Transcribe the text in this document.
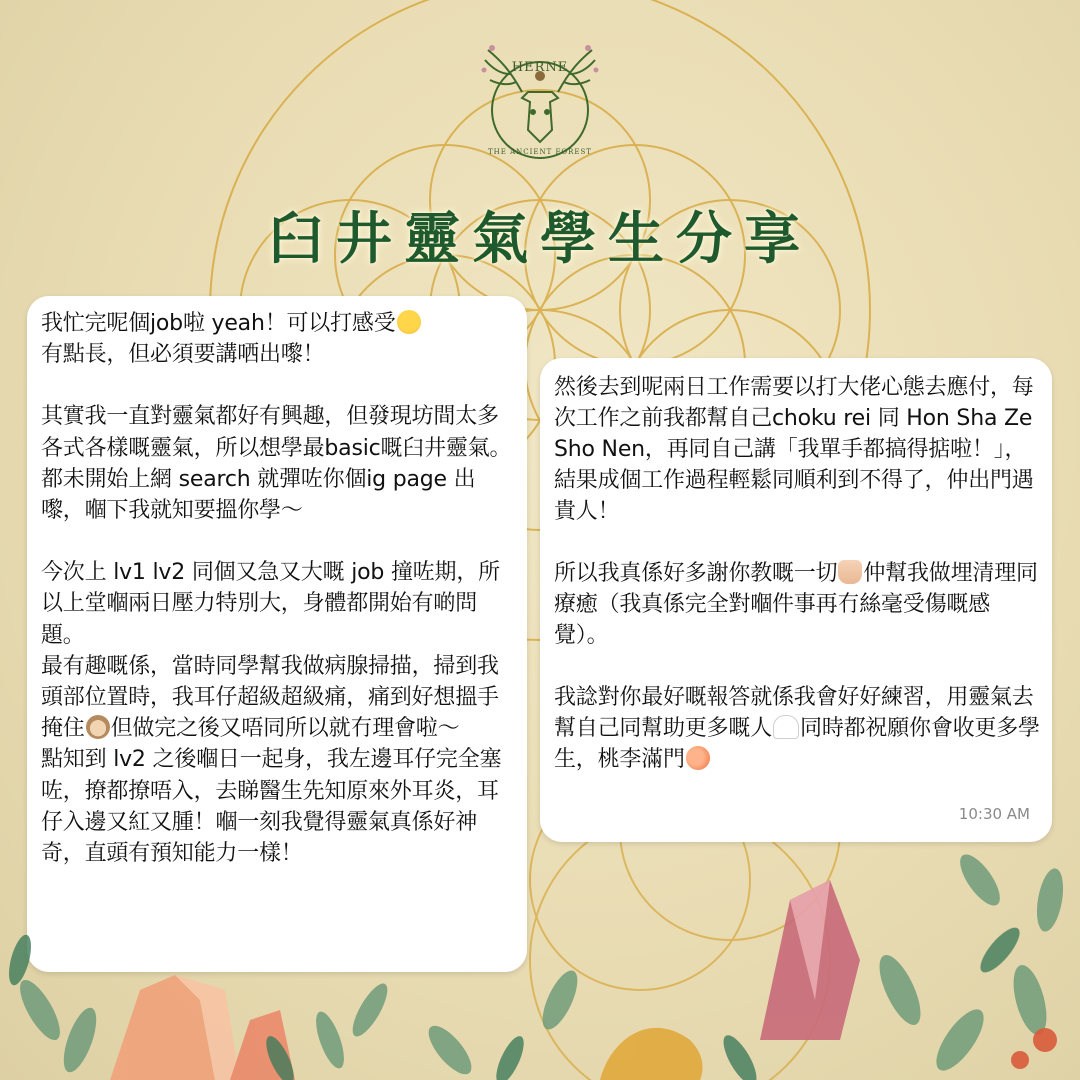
HERNE
THE ANCIENT FOREST
臼井靈氣學生分享

我忙完呢個job啦 yeah！可以打感受

有點長，但必須要講哂出嚟！

其實我一直對靈氣都好有興趣，但發現坊間太多各式各樣嘅靈氣，所以想學最basic嘅臼井靈氣。都未開始上網 search 就彈咗你個ig page 出嚟，嗰下我就知要搵你學～

今次上 lv1 lv2 同個又急又大嘅 job 撞咗期，所以上堂嗰兩日壓力特別大，身體都開始有啲問題。

最有趣嘅係，當時同學幫我做病腺掃描，掃到我頭部位置時，我耳仔超級超級痛，痛到好想搵手掩住 但做完之後又唔同所以就冇理會啦～

點知到 lv2 之後嗰日一起身，我左邊耳仔完全塞咗，撩都撩唔入，去睇醫生先知原來外耳炎，耳仔入邊又紅又腫！嗰一刻我覺得靈氣真係好神奇，直頭有預知能力一樣！

然後去到呢兩日工作需要以打大佬心態去應付，每次工作之前我都幫自己choku rei 同 Hon Sha Ze Sho Nen，再同自己講「我單手都搞得掂啦！」，結果成個工作過程輕鬆同順利到不得了，仲出門遇貴人！

所以我真係好多謝你教嘅一切 仲幫我做埋清理同療癒（我真係完全對嗰件事再冇絲毫受傷嘅感覺）。

我諗對你最好嘅報答就係我會好好練習，用靈氣去幫自己同幫助更多嘅人 同時都祝願你會收更多學生，桃李滿門

10:30 AM
